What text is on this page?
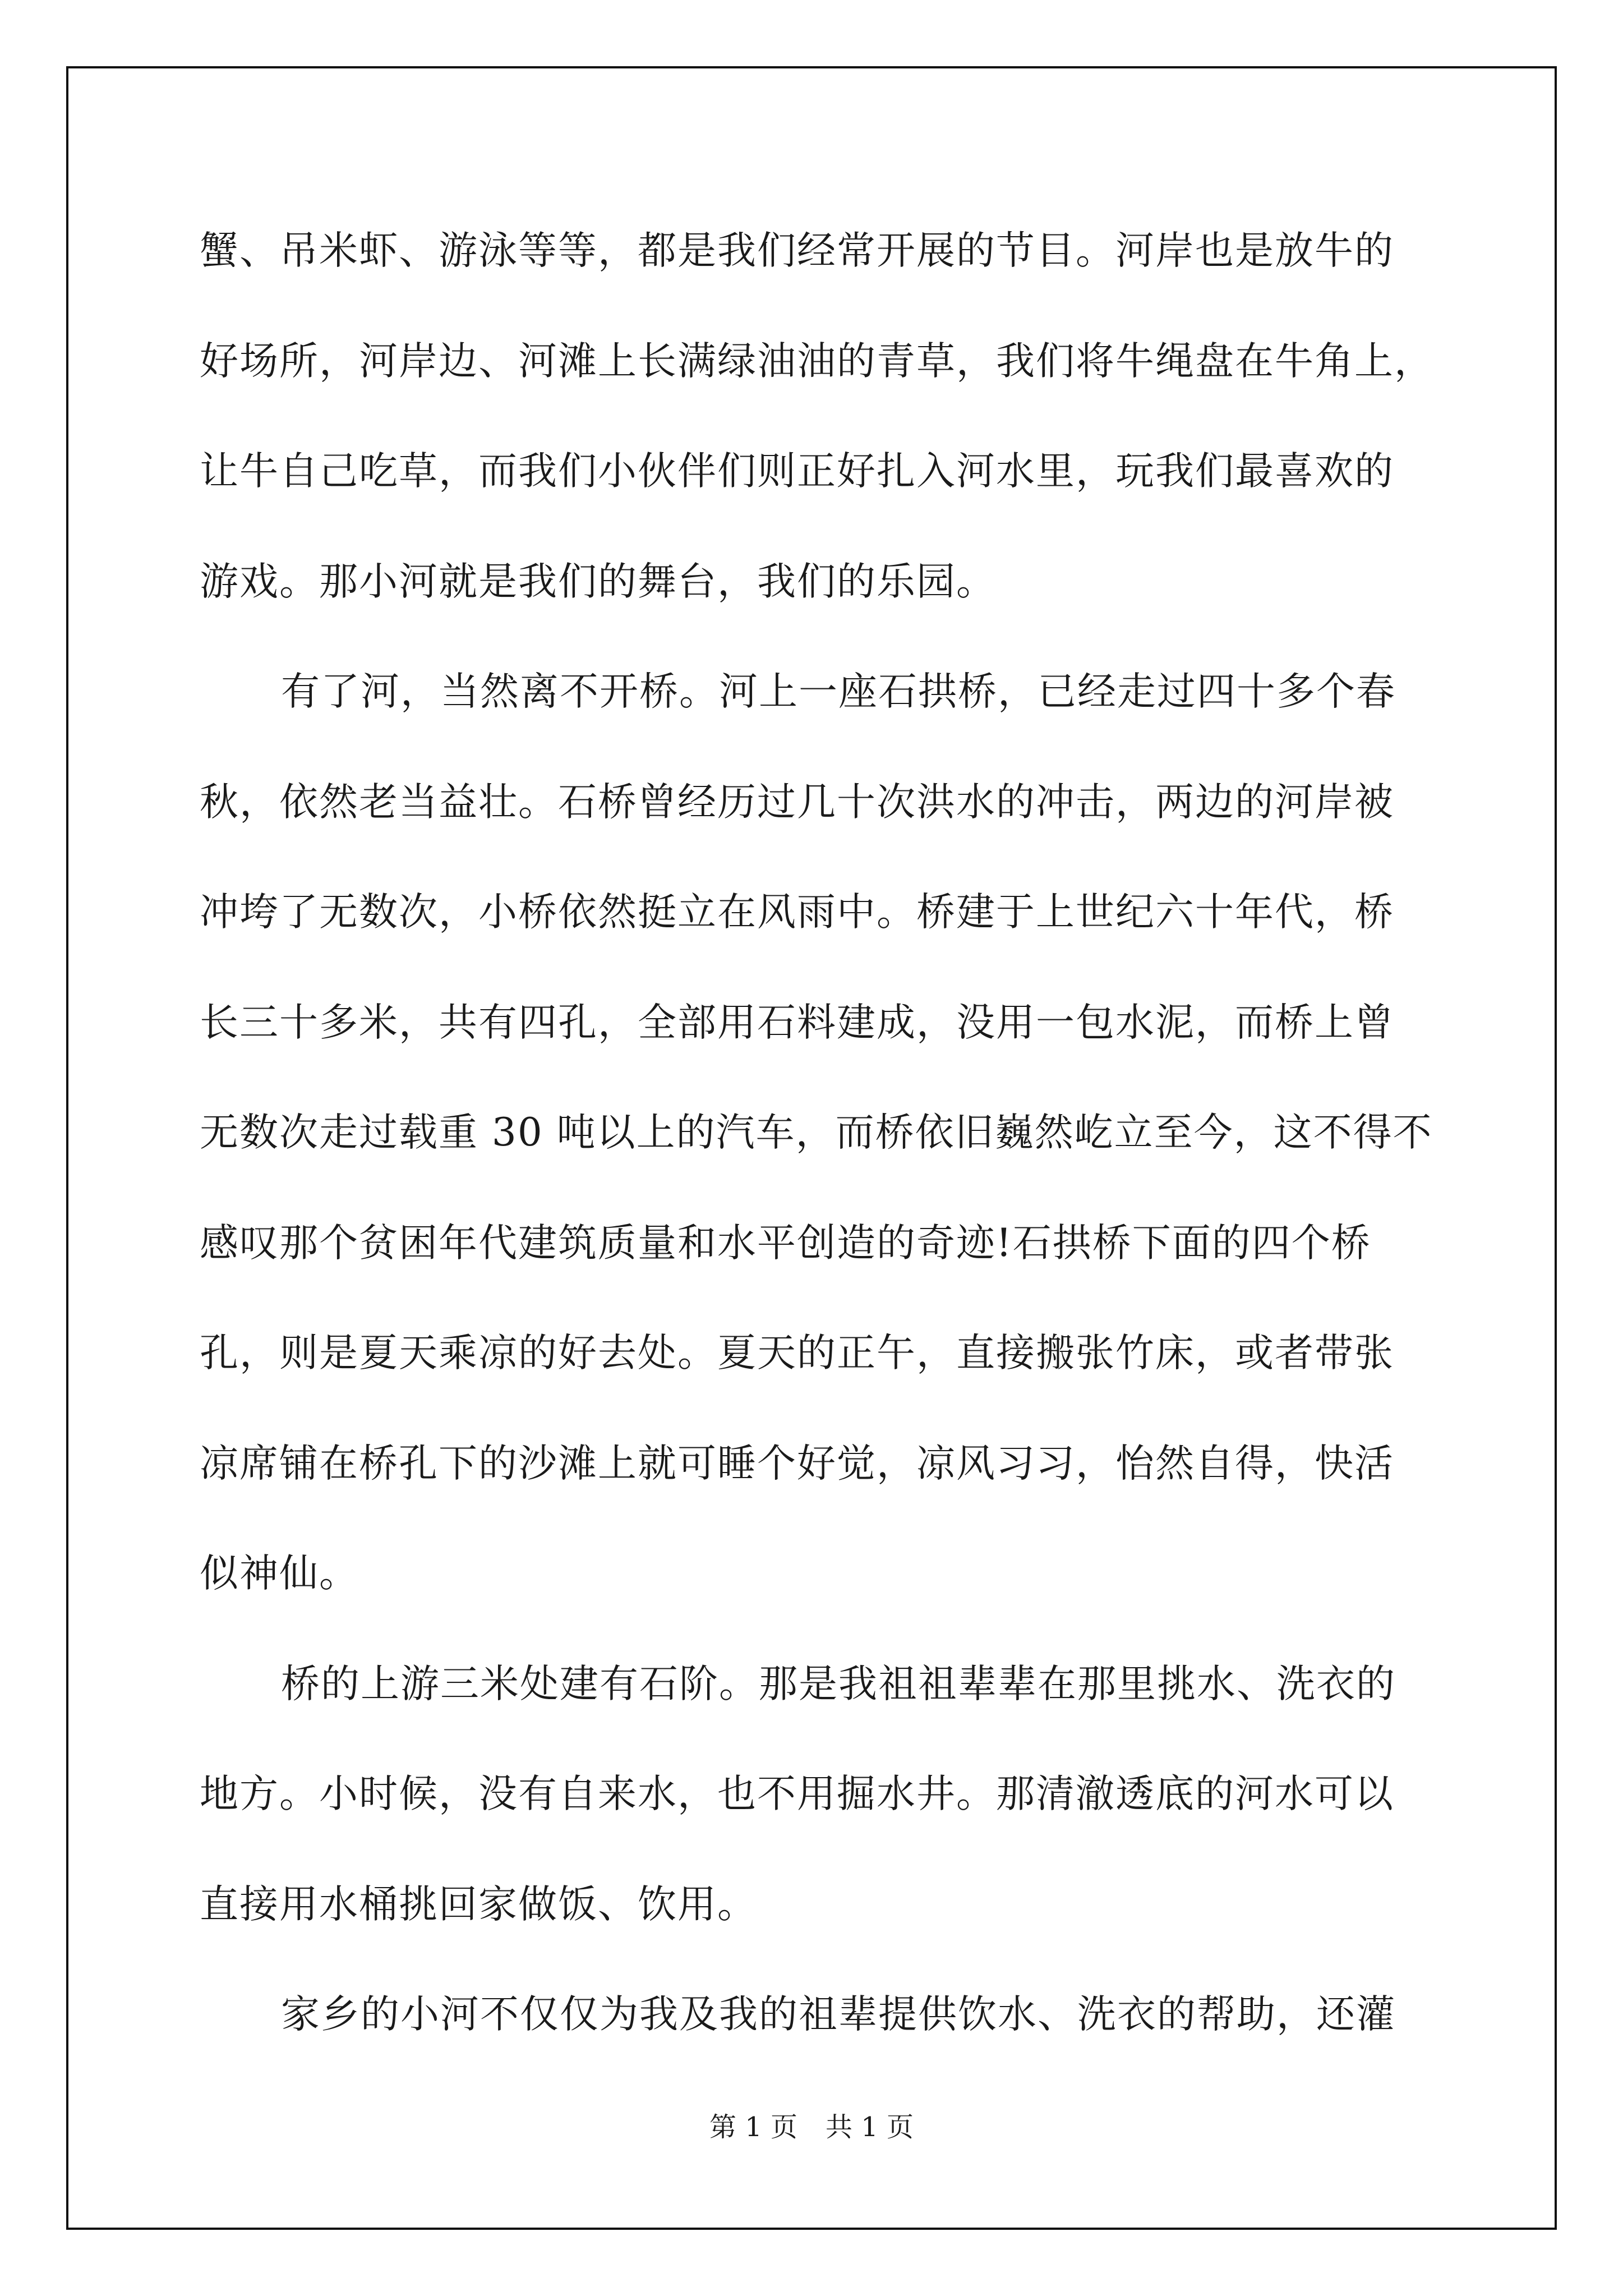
蟹、吊米虾、游泳等等，都是我们经常开展的节目。河岸也是放牛的
好场所，河岸边、河滩上长满绿油油的青草，我们将牛绳盘在牛角上，
让牛自己吃草，而我们小伙伴们则正好扎入河水里，玩我们最喜欢的
游戏。那小河就是我们的舞台，我们的乐园。
有了河，当然离不开桥。河上一座石拱桥，已经走过四十多个春
秋，依然老当益壮。石桥曾经历过几十次洪水的冲击，两边的河岸被
冲垮了无数次，小桥依然挺立在风雨中。桥建于上世纪六十年代，桥
长三十多米，共有四孔，全部用石料建成，没用一包水泥，而桥上曾
无数次走过载重 30 吨以上的汽车，而桥依旧巍然屹立至今，这不得不
感叹那个贫困年代建筑质量和水平创造的奇迹!石拱桥下面的四个桥
孔，则是夏天乘凉的好去处。夏天的正午，直接搬张竹床，或者带张
凉席铺在桥孔下的沙滩上就可睡个好觉，凉风习习，怡然自得，快活
似神仙。
桥的上游三米处建有石阶。那是我祖祖辈辈在那里挑水、洗衣的
地方。小时候，没有自来水，也不用掘水井。那清澈透底的河水可以
直接用水桶挑回家做饭、饮用。
家乡的小河不仅仅为我及我的祖辈提供饮水、洗衣的帮助，还灌
第 1 页 共 1 页
